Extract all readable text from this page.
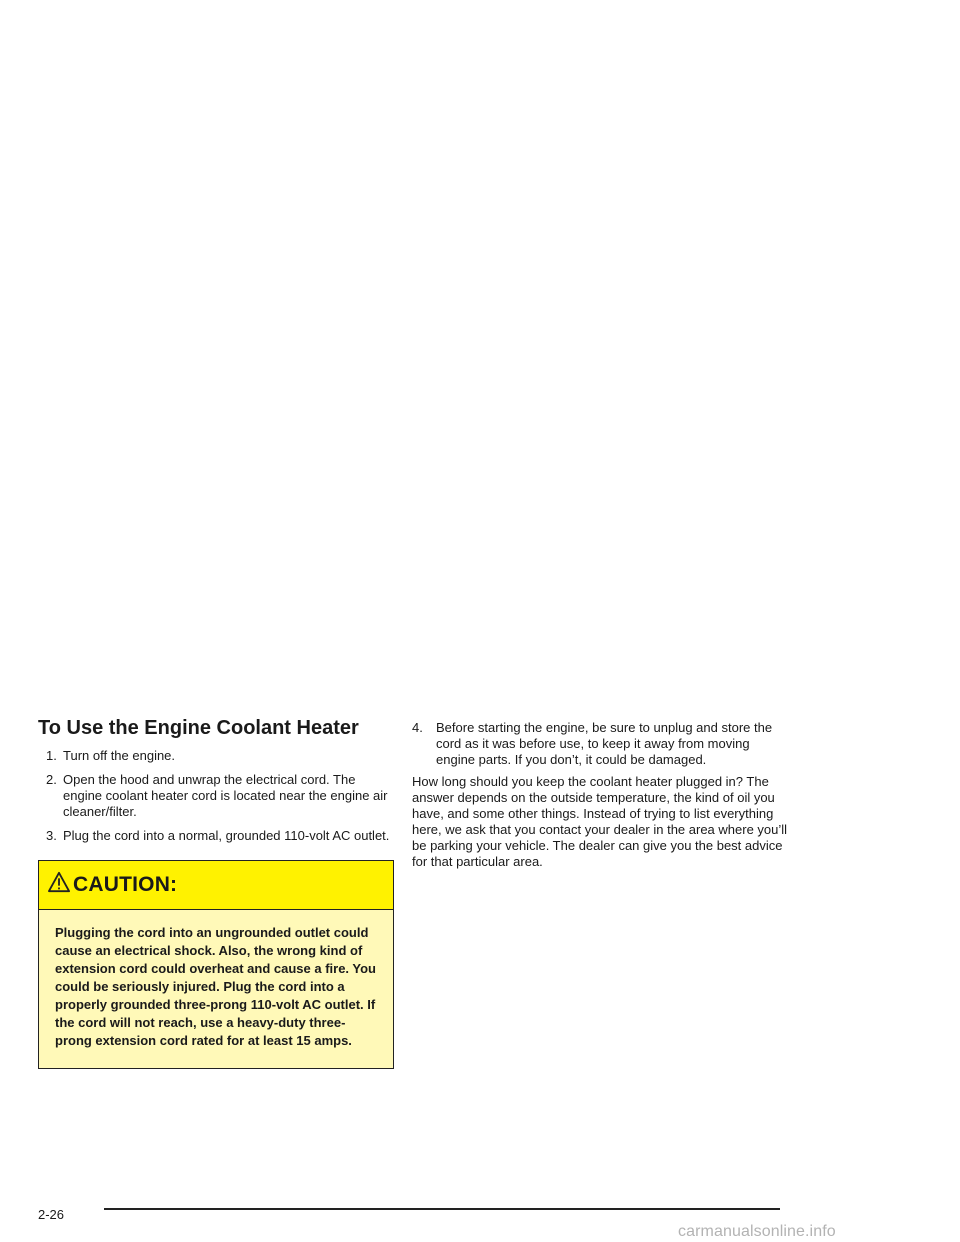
To Use the Engine Coolant Heater
1. Turn off the engine.
2. Open the hood and unwrap the electrical cord. The engine coolant heater cord is located near the engine air cleaner/filter.
3. Plug the cord into a normal, grounded 110-volt AC outlet.
CAUTION:
Plugging the cord into an ungrounded outlet could cause an electrical shock. Also, the wrong kind of extension cord could overheat and cause a fire. You could be seriously injured. Plug the cord into a properly grounded three-prong 110-volt AC outlet. If the cord will not reach, use a heavy-duty three-prong extension cord rated for at least 15 amps.
4. Before starting the engine, be sure to unplug and store the cord as it was before use, to keep it away from moving engine parts. If you don’t, it could be damaged.

How long should you keep the coolant heater plugged in? The answer depends on the outside temperature, the kind of oil you have, and some other things. Instead of trying to list everything here, we ask that you contact your dealer in the area where you’ll be parking your vehicle. The dealer can give you the best advice for that particular area.

2-26
carmanualsonline.info
